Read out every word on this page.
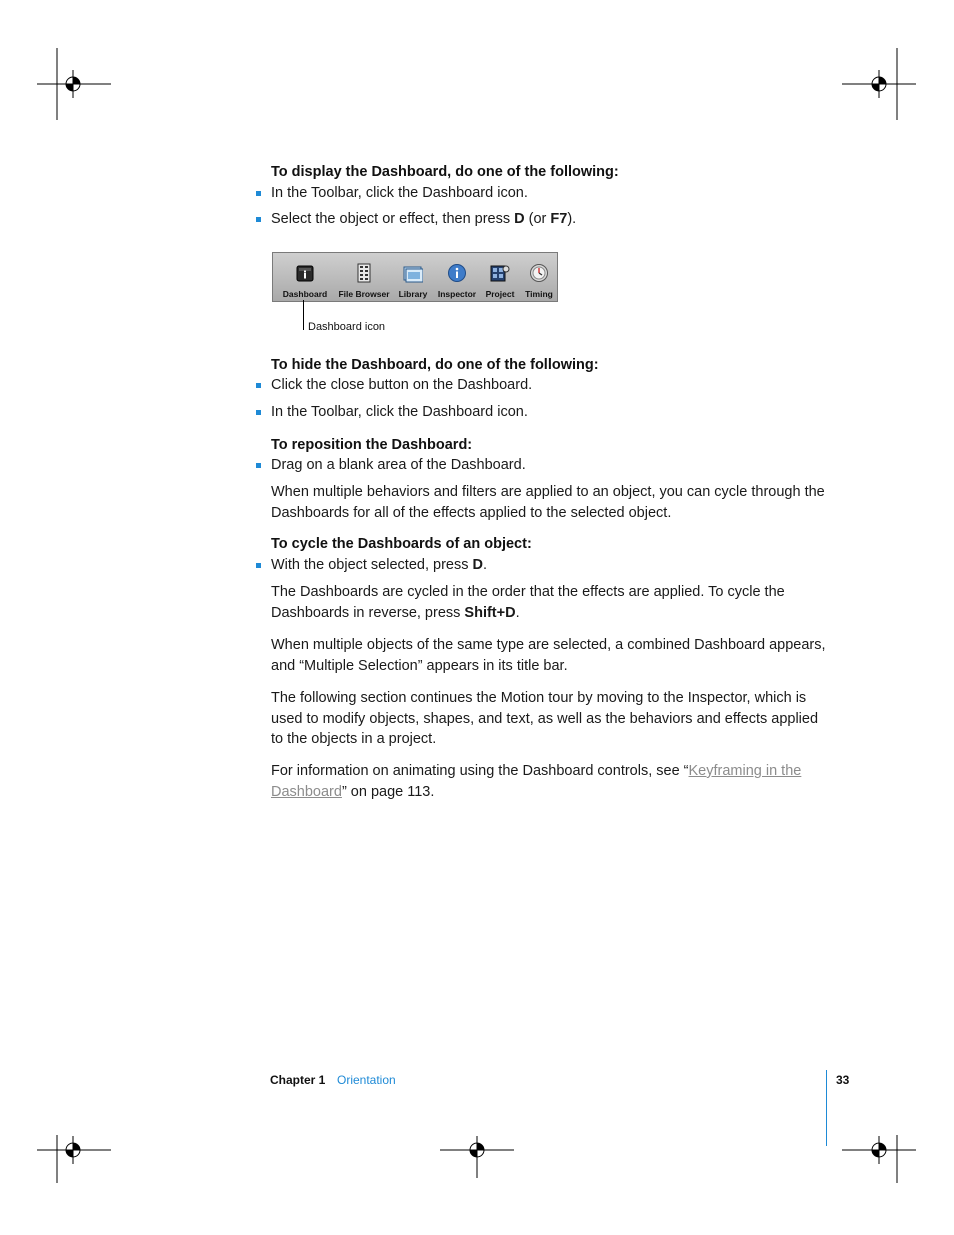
To display the Dashboard, do one of the following:
In the Toolbar, click the Dashboard icon.
Select the object or effect, then press D (or F7).
Dashboard	File Browser	Library	Inspector	Project	Timing
Dashboard icon
To hide the Dashboard, do one of the following:
Click the close button on the Dashboard.
In the Toolbar, click the Dashboard icon.
To reposition the Dashboard:
Drag on a blank area of the Dashboard.
When multiple behaviors and filters are applied to an object, you can cycle through the Dashboards for all of the effects applied to the selected object.
To cycle the Dashboards of an object:
With the object selected, press D.
The Dashboards are cycled in the order that the effects are applied. To cycle the Dashboards in reverse, press Shift+D.
When multiple objects of the same type are selected, a combined Dashboard appears, and “Multiple Selection” appears in its title bar.
The following section continues the Motion tour by moving to the Inspector, which is used to modify objects, shapes, and text, as well as the behaviors and effects applied to the objects in a project.
For information on animating using the Dashboard controls, see “Keyframing in the Dashboard” on page 113.
Chapter 1 Orientation	33
